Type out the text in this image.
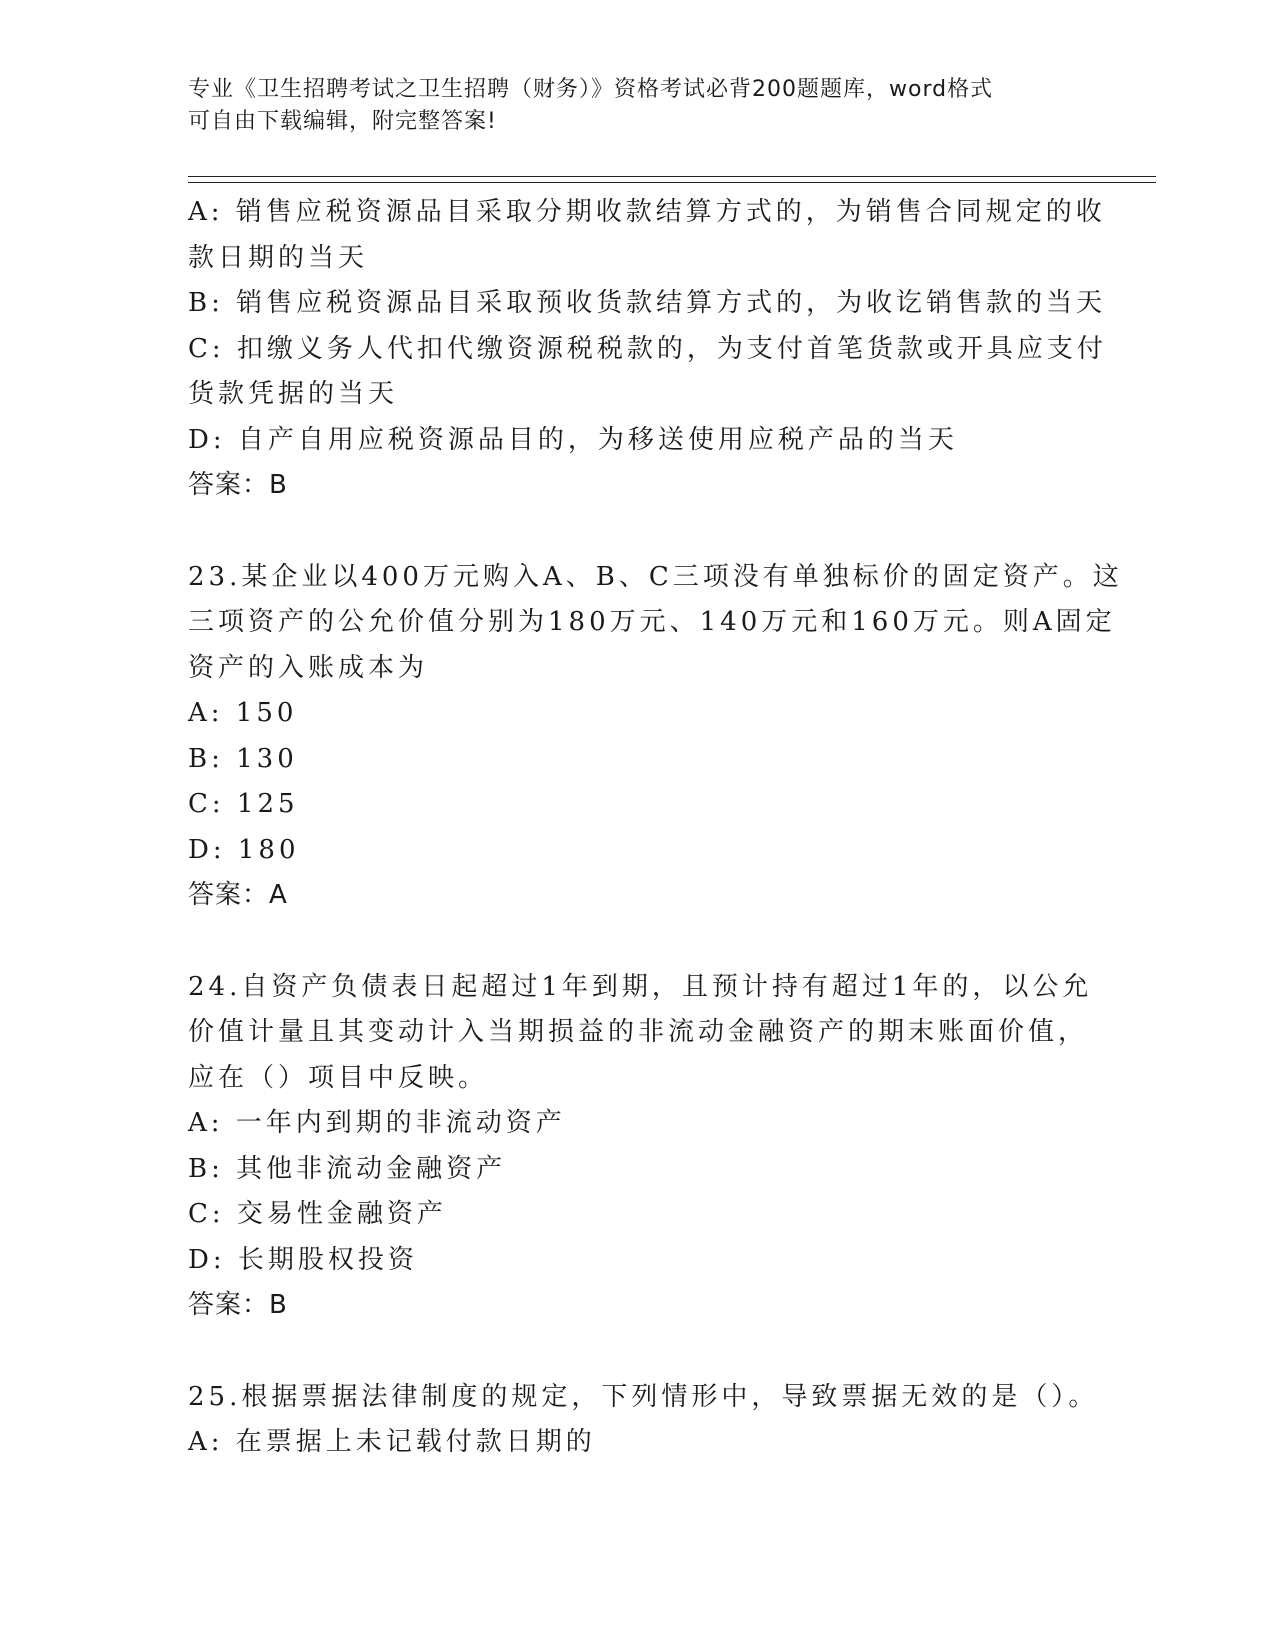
专业《卫生招聘考试之卫生招聘（财务）》资格考试必背200题题库，word格式
可自由下载编辑，附完整答案!
A: 销售应税资源品目采取分期收款结算方式的，为销售合同规定的收
款日期的当天
B: 销售应税资源品目采取预收货款结算方式的，为收讫销售款的当天
C: 扣缴义务人代扣代缴资源税税款的，为支付首笔货款或开具应支付
货款凭据的当天
D: 自产自用应税资源品目的，为移送使用应税产品的当天
答案：B
23.某企业以400万元购入A、B、C三项没有单独标价的固定资产。这
三项资产的公允价值分别为180万元、140万元和160万元。则A固定
资产的入账成本为
A: 150
B: 130
C: 125
D: 180
答案：A
24.自资产负债表日起超过1年到期，且预计持有超过1年的，以公允
价值计量且其变动计入当期损益的非流动金融资产的期末账面价值，
应在（）项目中反映。
A: 一年内到期的非流动资产
B: 其他非流动金融资产
C: 交易性金融资产
D: 长期股权投资
答案：B
25.根据票据法律制度的规定，下列情形中，导致票据无效的是（）。
A: 在票据上未记载付款日期的
